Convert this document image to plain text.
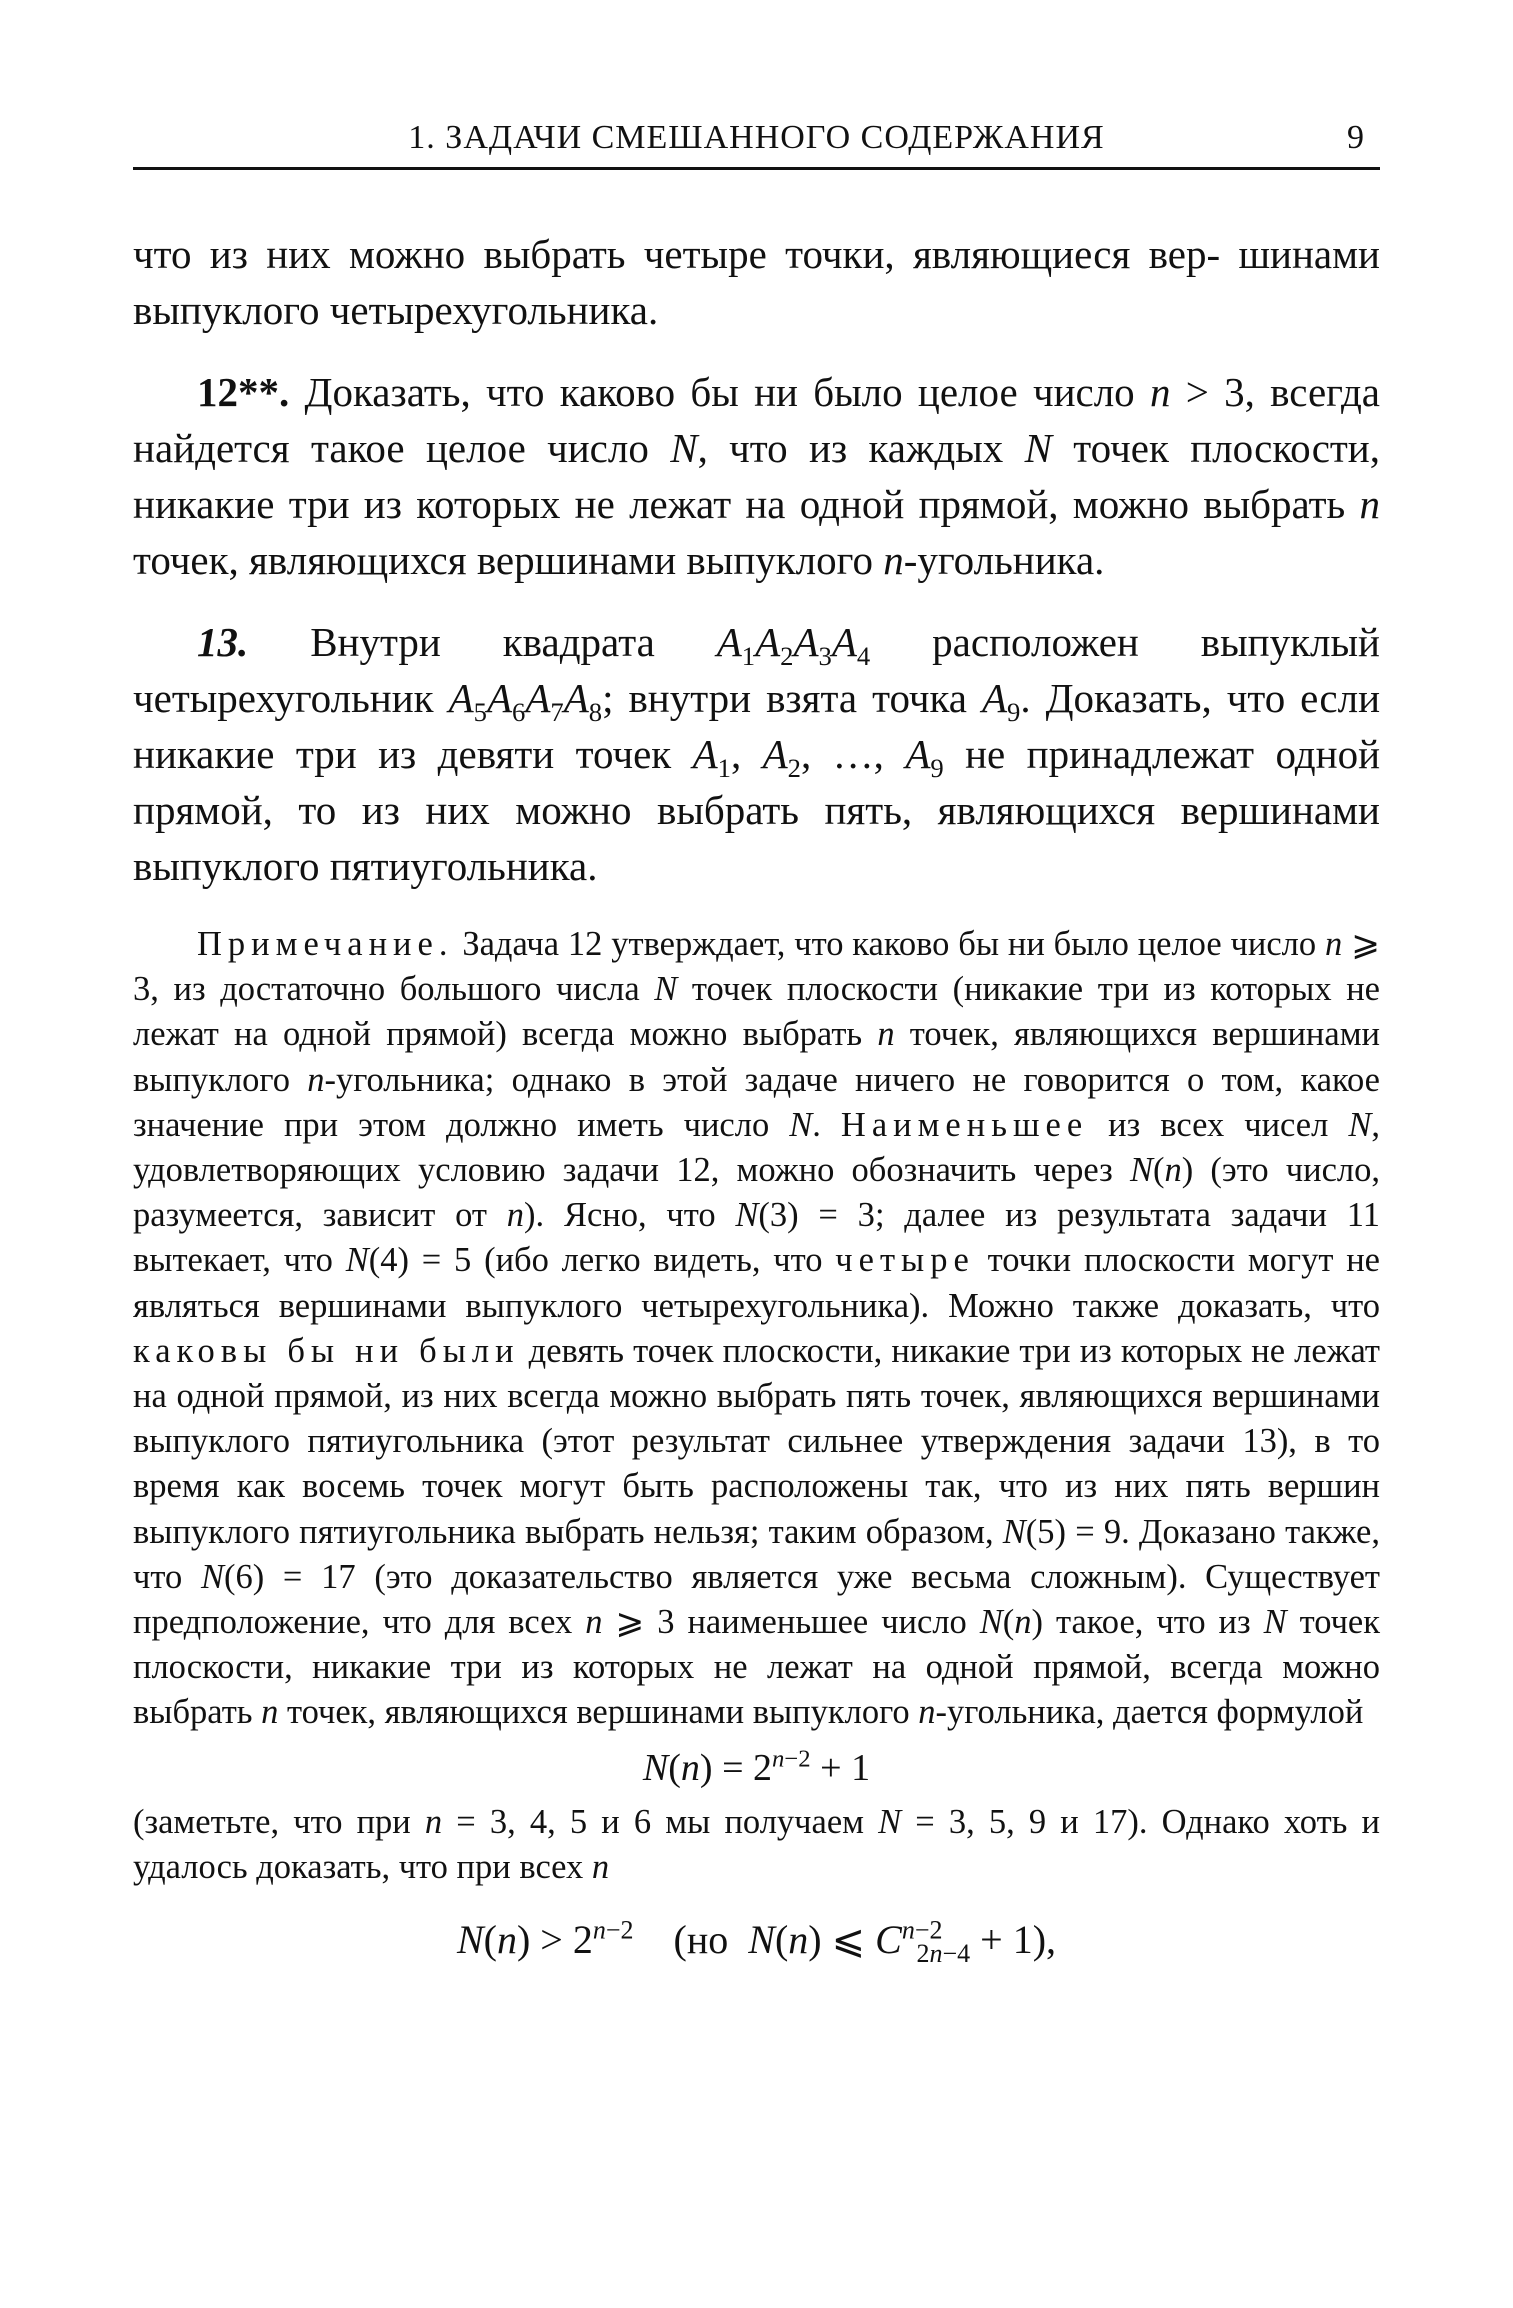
1. ЗАДАЧИ СМЕШАННОГО СОДЕРЖАНИЯ	9

что из них можно выбрать четыре точки, являющиеся вер- шинами выпуклого четырехугольника.

12**. Доказать, что каково бы ни было целое число n > 3, всегда найдется такое целое число N, что из каждых N точек плоскости, никакие три из которых не лежат на одной прямой, можно выбрать n точек, являющихся вершинами выпуклого n-угольника.

13. Внутри квадрата $A_1A_2A_3A_4$ расположен выпуклый четырехугольник $A_5A_6A_7A_8$; внутри взята точка $A_9$. Доказать, что если никакие три из девяти точек $A_1$, $A_2$, …, $A_9$ не принадлежат одной прямой, то из них можно выбрать пять, являющихся вершинами выпуклого пятиугольника.

Примечание. Задача 12 утверждает, что каково бы ни было целое число n ⩾ 3, из достаточно большого числа N точек плоскости (никакие три из которых не лежат на одной прямой) всегда можно выбрать n точек, являющихся вершинами выпуклого n-угольника; однако в этой задаче ничего не говорится о том, какое значение при этом должно иметь число N. Наименьшее из всех чисел N, удовлетворяющих условию задачи 12, можно обозначить через N(n) (это число, разумеется, зависит от n). Ясно, что N(3) = 3; далее из результата задачи 11 вытекает, что N(4) = 5 (ибо легко видеть, что четыре точки плоскости могут не являться вершинами выпуклого четырехугольника). Можно также доказать, что каковы бы ни были девять точек плоскости, никакие три из которых не лежат на одной прямой, из них всегда можно выбрать пять точек, являющихся вершинами выпуклого пятиугольника (этот результат сильнее утверждения задачи 13), в то время как восемь точек могут быть расположены так, что из них пять вершин выпуклого пятиугольника выбрать нельзя; таким образом, N(5) = 9. Доказано также, что N(6) = 17 (это доказательство является уже весьма сложным). Существует предположение, что для всех n ⩾ 3 наименьшее число N(n) такое, что из N точек плоскости, никакие три из которых не лежат на одной прямой, всегда можно выбрать n точек, являющихся вершинами выпуклого n-угольника, дается формулой

$N(n) = 2^{n-2} + 1$

(заметьте, что при n = 3, 4, 5 и 6 мы получаем N = 3, 5, 9 и 17). Однако хоть и удалось доказать, что при всех n

$N(n) > 2^{n-2}$    (но  N(n) ⩽ $C^{n-2}_{2n-4} + 1$),
